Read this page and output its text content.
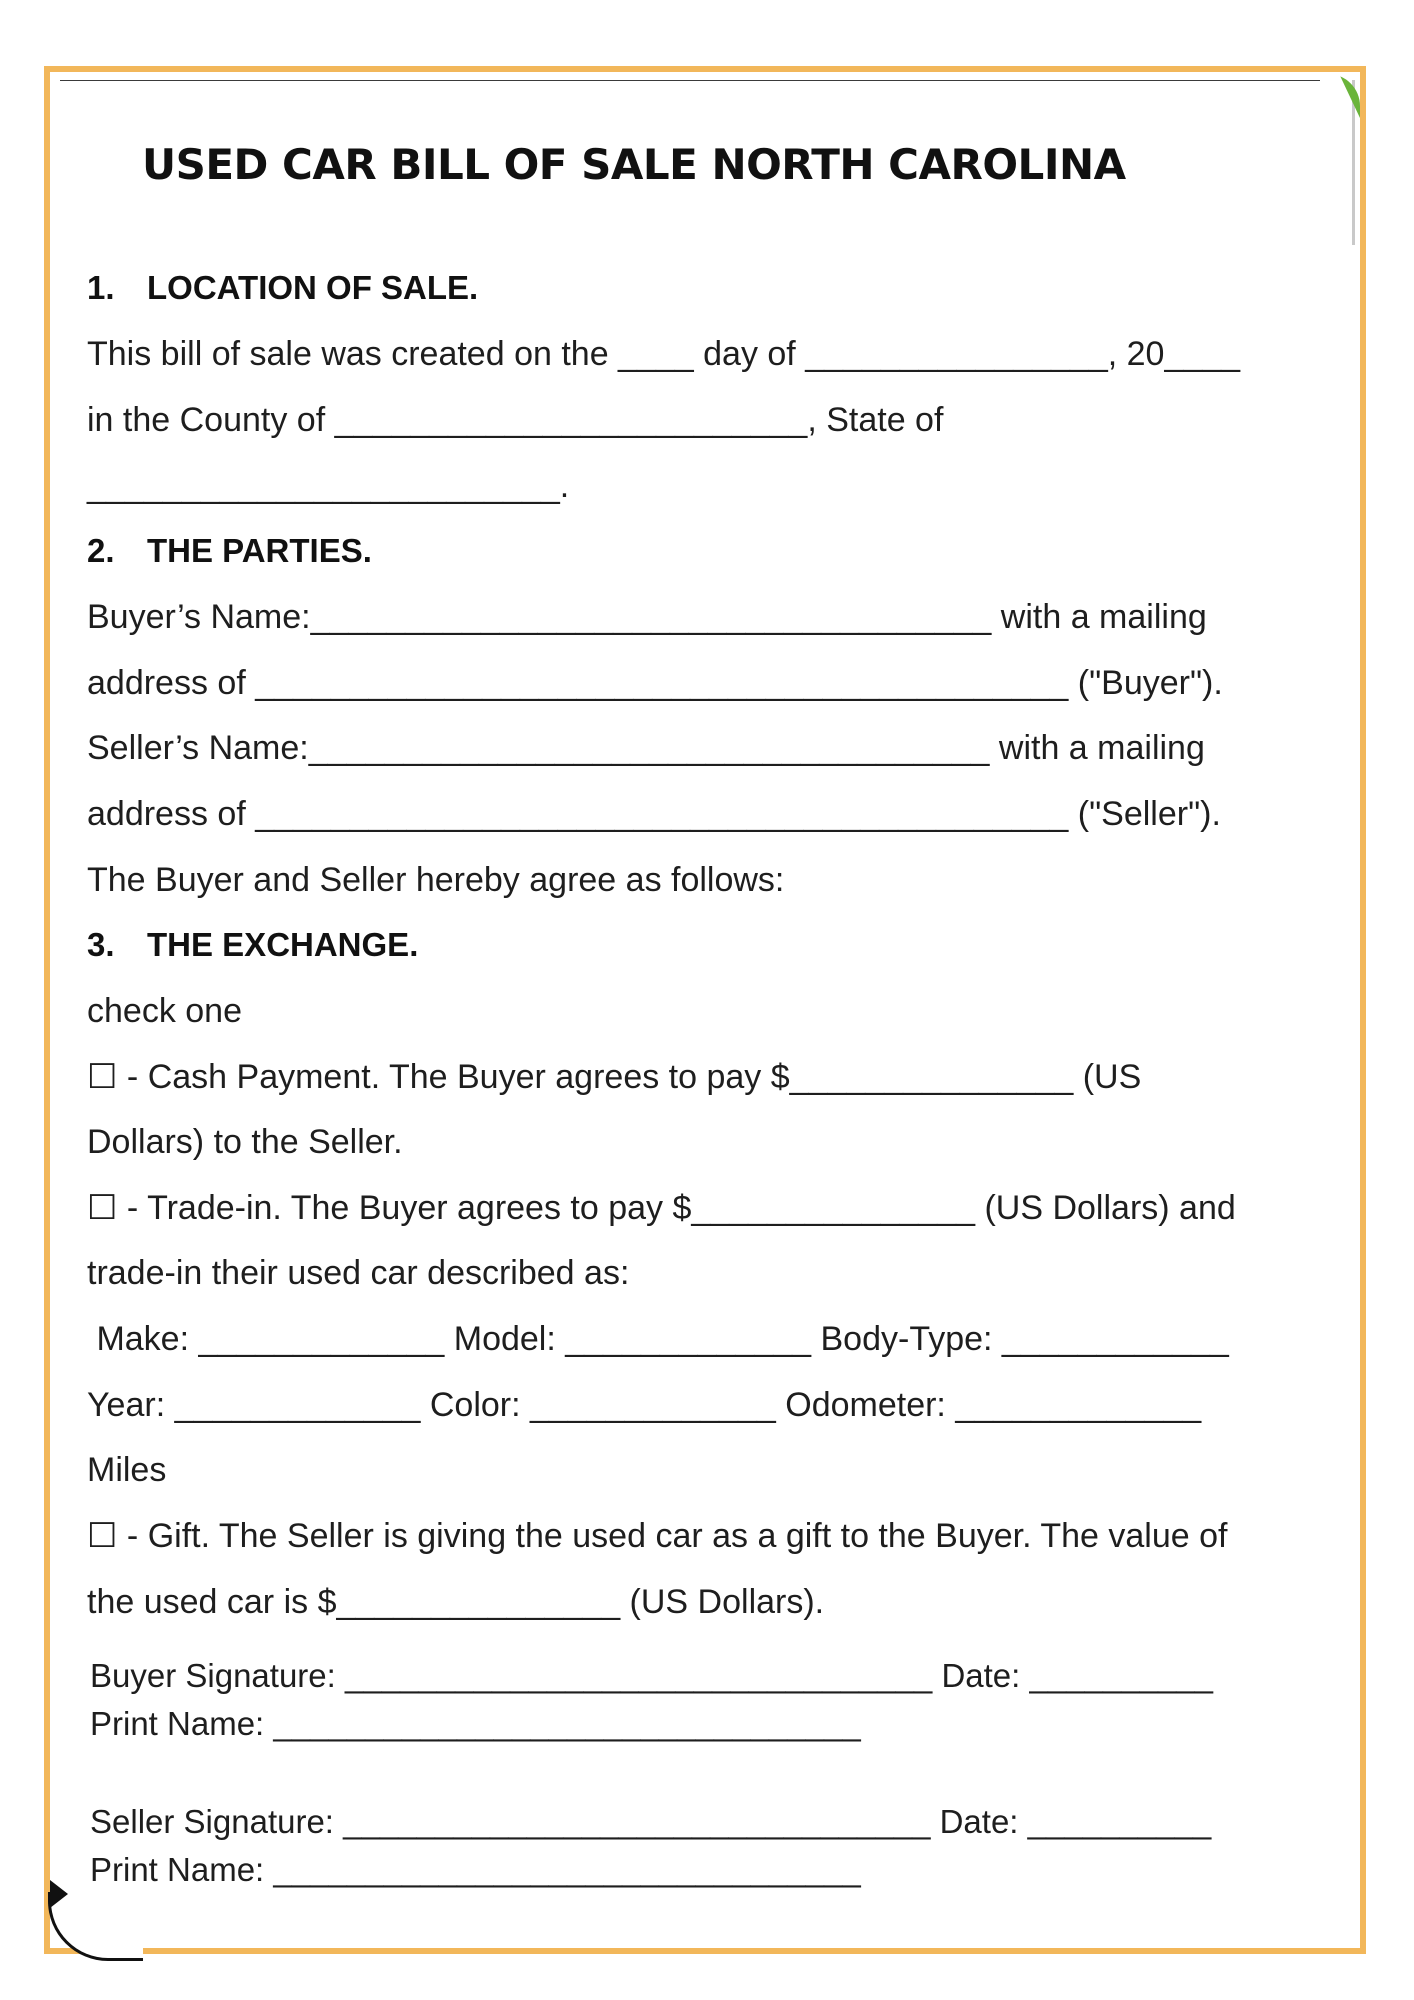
USED CAR BILL OF SALE NORTH CAROLINA
1. LOCATION OF SALE.
This bill of sale was created on the ____ day of ________________, 20____
in the County of _________________________, State of
_________________________.
2. THE PARTIES.
Buyer’s Name:____________________________________ with a mailing
address of ___________________________________________ ("Buyer").
Seller’s Name:____________________________________ with a mailing
address of ___________________________________________ ("Seller").
The Buyer and Seller hereby agree as follows:
3. THE EXCHANGE.
check one
☐ - Cash Payment. The Buyer agrees to pay $_______________ (US
Dollars) to the Seller.
☐ - Trade-in. The Buyer agrees to pay $_______________ (US Dollars) and
trade-in their used car described as:
Make: _____________ Model: _____________ Body-Type: ____________
Year: _____________ Color: _____________ Odometer: _____________
Miles
☐ - Gift. The Seller is giving the used car as a gift to the Buyer. The value of
the used car is $_______________ (US Dollars).
Buyer Signature: ________________________________ Date: __________
Print Name: ________________________________
Seller Signature: ________________________________ Date: __________
Print Name: ________________________________
